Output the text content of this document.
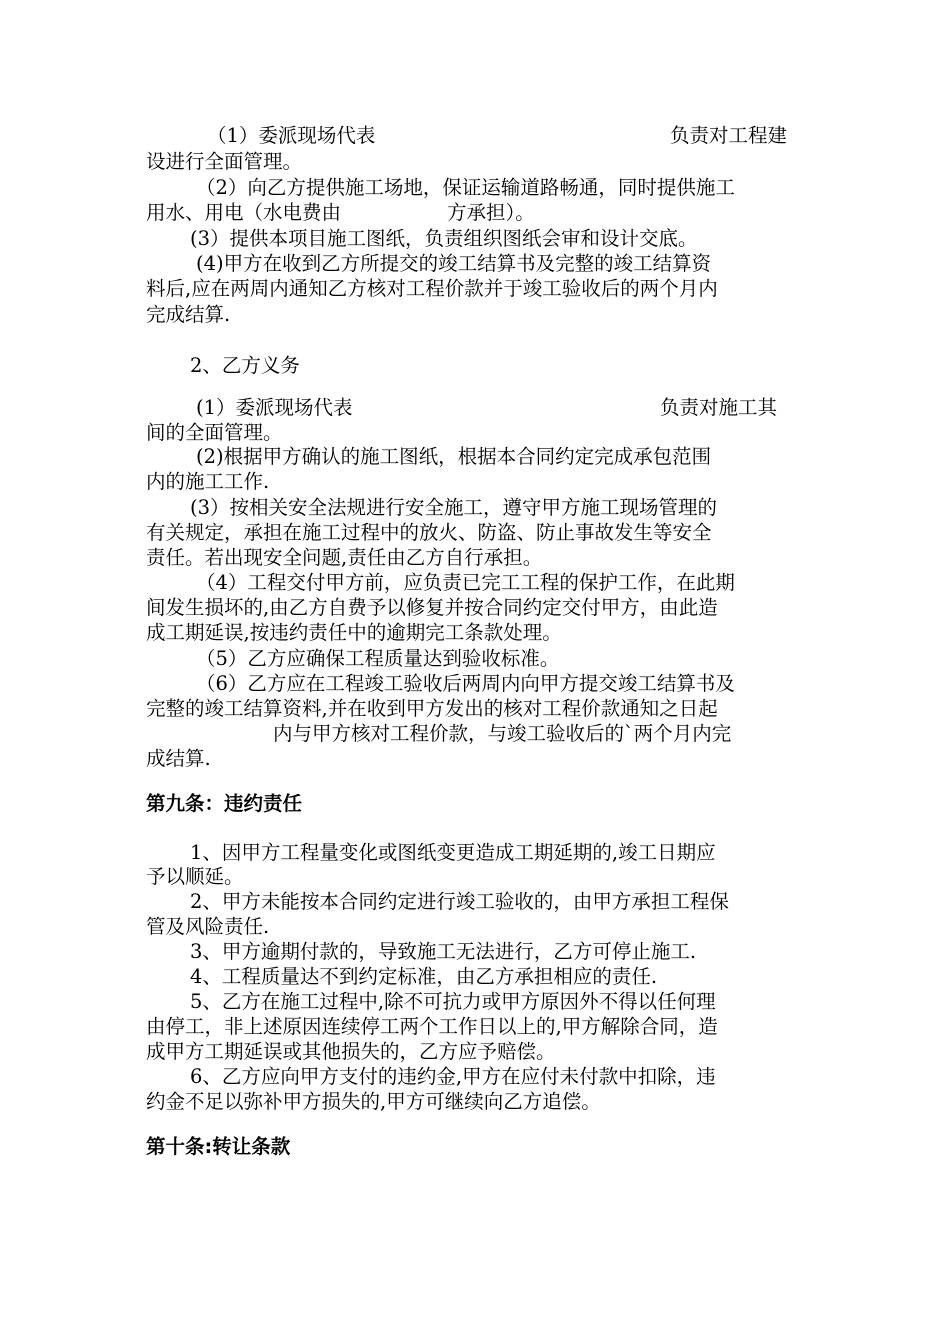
（1）委派现场代表	负责对工程建
设进行全面管理。
（2）向乙方提供施工场地，保证运输道路畅通，同时提供施工
用水、用电（水电费由	方承担）。
(3）提供本项目施工图纸，负责组织图纸会审和设计交底。
(4)甲方在收到乙方所提交的竣工结算书及完整的竣工结算资
料后,应在两周内通知乙方核对工程价款并于竣工验收后的两个月内
完成结算.
2、乙方义务
(1）委派现场代表	负责对施工其
间的全面管理。
(2)根据甲方确认的施工图纸，根据本合同约定完成承包范围
内的施工工作.
(3）按相关安全法规进行安全施工，遵守甲方施工现场管理的
有关规定，承担在施工过程中的放火、防盗、防止事故发生等安全
责任。若出现安全问题,责任由乙方自行承担。
（4）工程交付甲方前，应负责已完工工程的保护工作，在此期
间发生损坏的,由乙方自费予以修复并按合同约定交付甲方，由此造
成工期延误,按违约责任中的逾期完工条款处理。
（5）乙方应确保工程质量达到验收标准。
（6）乙方应在工程竣工验收后两周内向甲方提交竣工结算书及
完整的竣工结算资料,并在收到甲方发出的核对工程价款通知之日起
内与甲方核对工程价款，与竣工验收后的`两个月内完
成结算.
第九条：违约责任
1、因甲方工程量变化或图纸变更造成工期延期的,竣工日期应
予以顺延。
2、甲方未能按本合同约定进行竣工验收的，由甲方承担工程保
管及风险责任.
3、甲方逾期付款的，导致施工无法进行，乙方可停止施工.
4、工程质量达不到约定标准，由乙方承担相应的责任.
5、乙方在施工过程中,除不可抗力或甲方原因外不得以任何理
由停工，非上述原因连续停工两个工作日以上的,甲方解除合同，造
成甲方工期延误或其他损失的，乙方应予赔偿。
6、乙方应向甲方支付的违约金,甲方在应付未付款中扣除，违
约金不足以弥补甲方损失的,甲方可继续向乙方追偿。
第十条:转让条款
